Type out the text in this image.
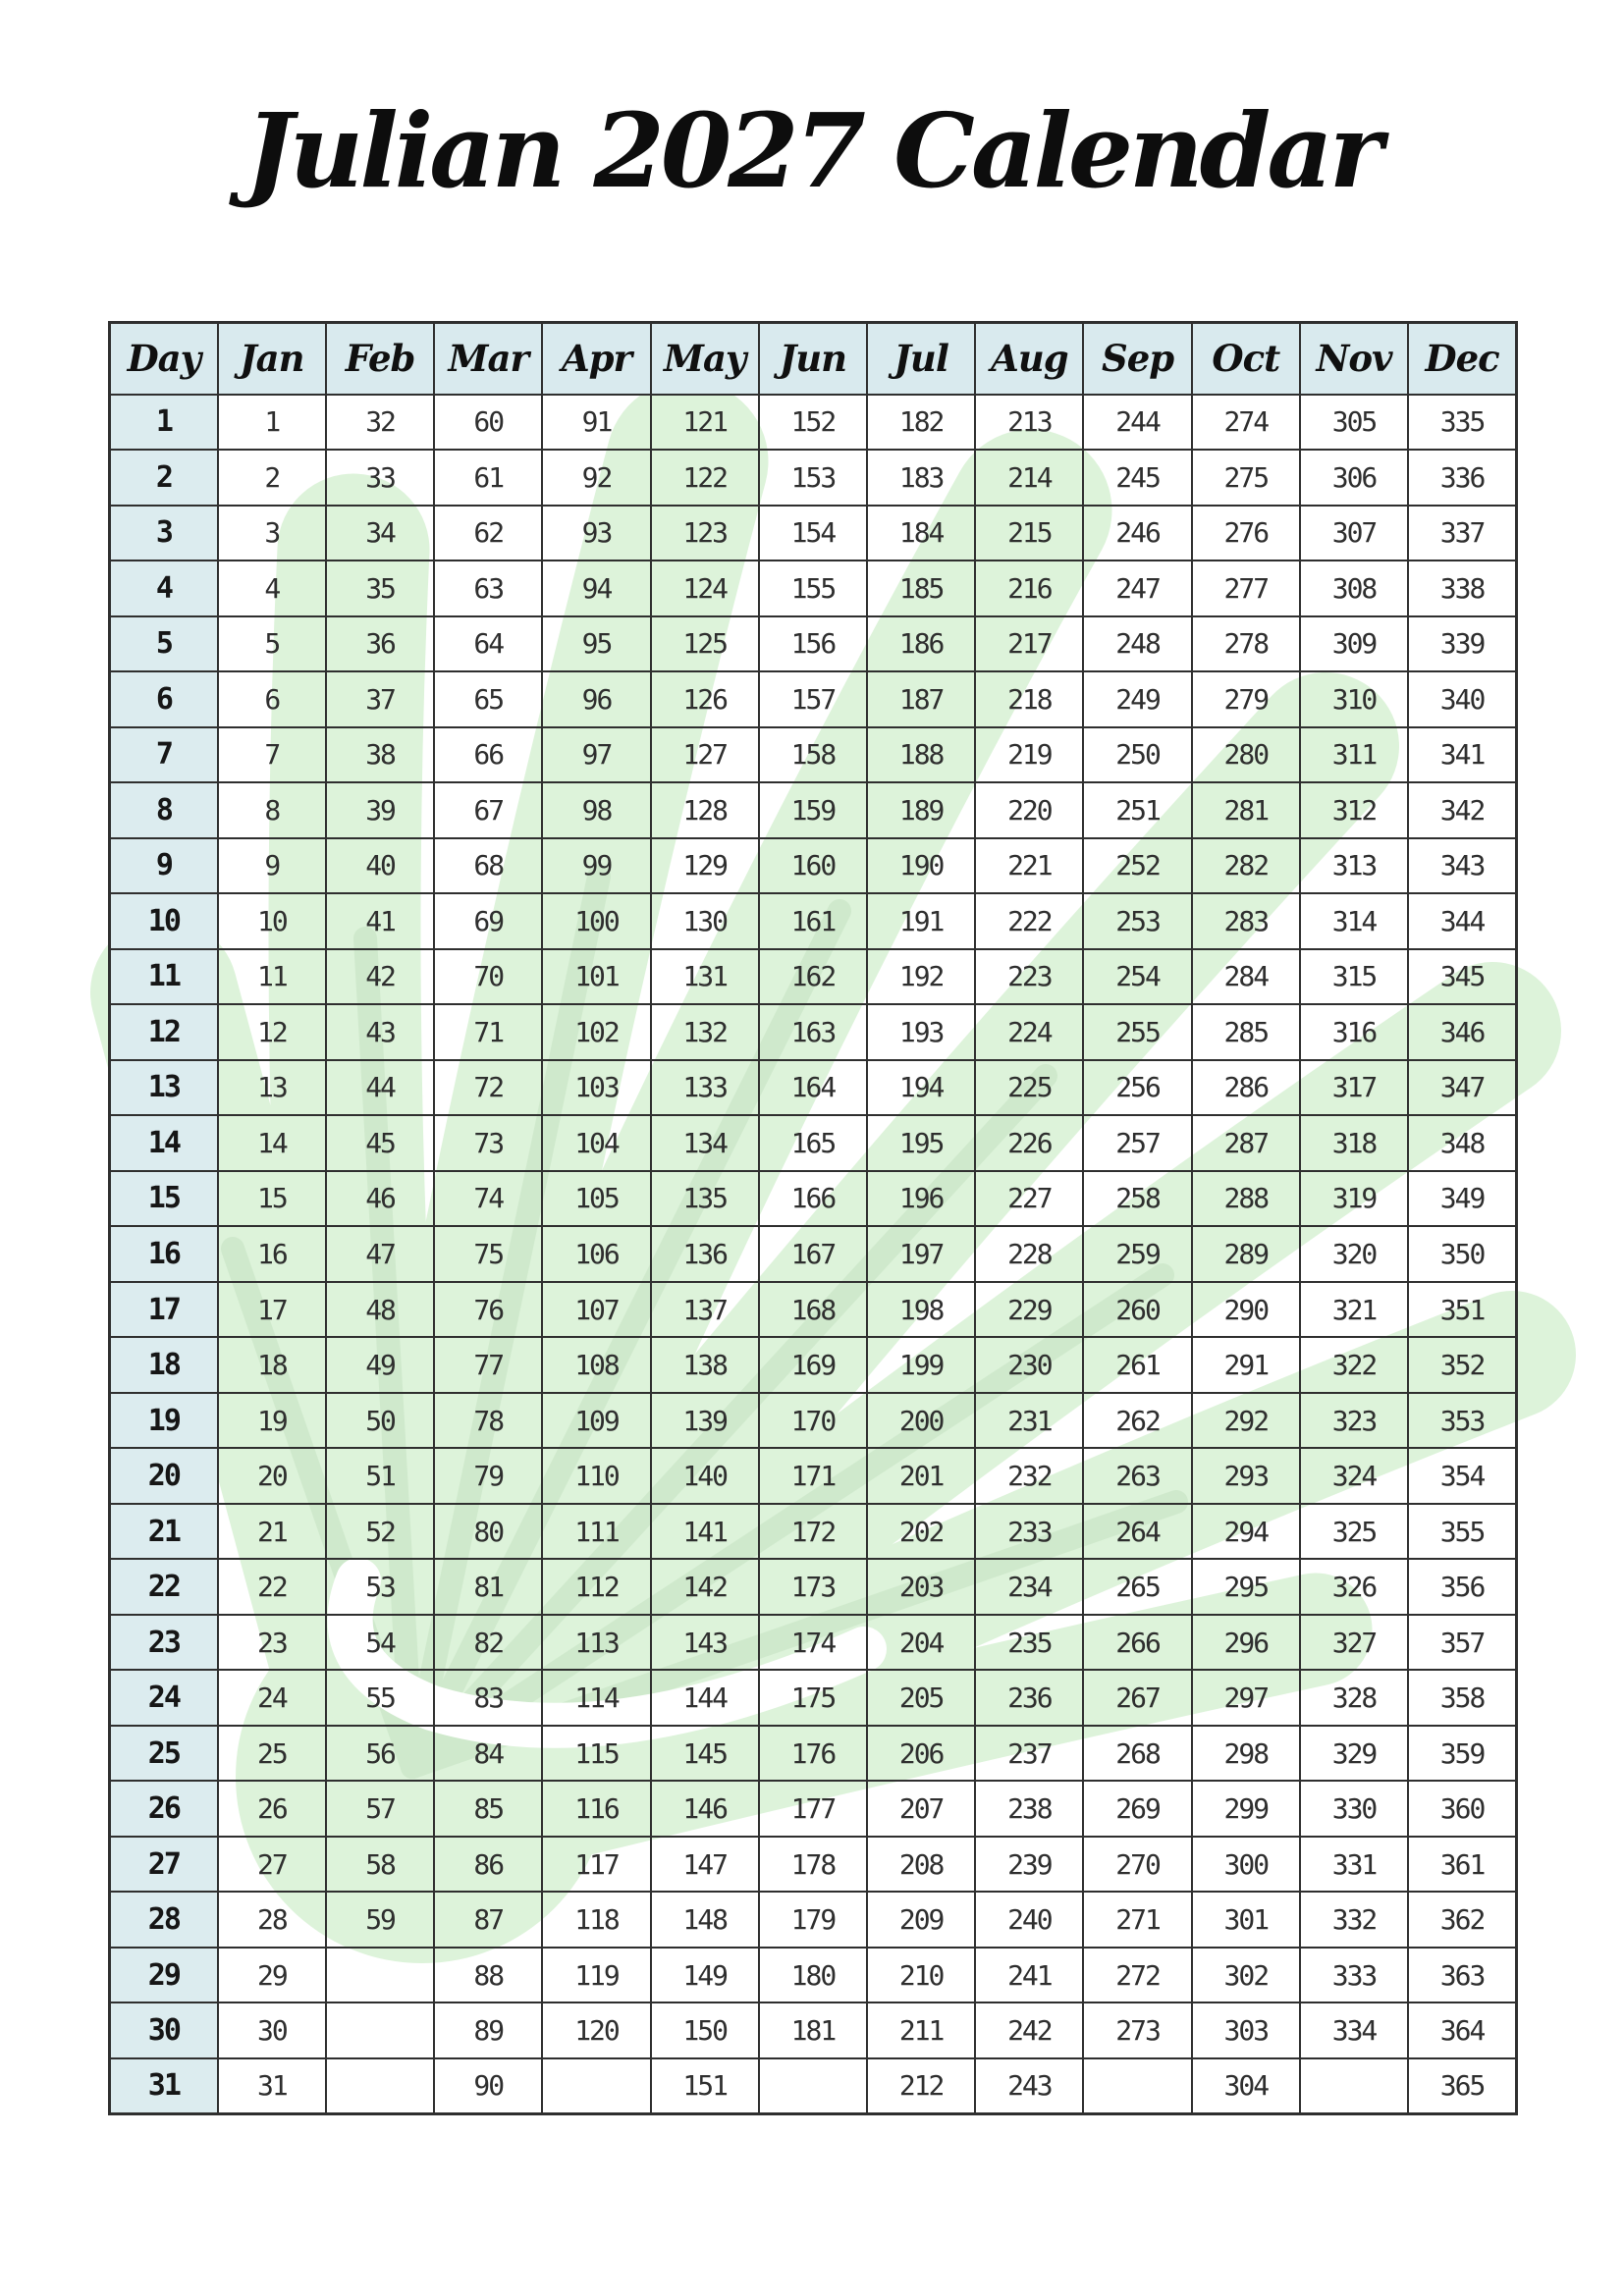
Julian 2027 Calendar
Day	Jan	Feb	Mar	Apr	May	Jun	Jul	Aug	Sep	Oct	Nov	Dec
1	1	32	60	91	121	152	182	213	244	274	305	335
2	2	33	61	92	122	153	183	214	245	275	306	336
3	3	34	62	93	123	154	184	215	246	276	307	337
4	4	35	63	94	124	155	185	216	247	277	308	338
5	5	36	64	95	125	156	186	217	248	278	309	339
6	6	37	65	96	126	157	187	218	249	279	310	340
7	7	38	66	97	127	158	188	219	250	280	311	341
8	8	39	67	98	128	159	189	220	251	281	312	342
9	9	40	68	99	129	160	190	221	252	282	313	343
10	10	41	69	100	130	161	191	222	253	283	314	344
11	11	42	70	101	131	162	192	223	254	284	315	345
12	12	43	71	102	132	163	193	224	255	285	316	346
13	13	44	72	103	133	164	194	225	256	286	317	347
14	14	45	73	104	134	165	195	226	257	287	318	348
15	15	46	74	105	135	166	196	227	258	288	319	349
16	16	47	75	106	136	167	197	228	259	289	320	350
17	17	48	76	107	137	168	198	229	260	290	321	351
18	18	49	77	108	138	169	199	230	261	291	322	352
19	19	50	78	109	139	170	200	231	262	292	323	353
20	20	51	79	110	140	171	201	232	263	293	324	354
21	21	52	80	111	141	172	202	233	264	294	325	355
22	22	53	81	112	142	173	203	234	265	295	326	356
23	23	54	82	113	143	174	204	235	266	296	327	357
24	24	55	83	114	144	175	205	236	267	297	328	358
25	25	56	84	115	145	176	206	237	268	298	329	359
26	26	57	85	116	146	177	207	238	269	299	330	360
27	27	58	86	117	147	178	208	239	270	300	331	361
28	28	59	87	118	148	179	209	240	271	301	332	362
29	29		88	119	149	180	210	241	272	302	333	363
30	30		89	120	150	181	211	242	273	303	334	364
31	31		90		151		212	243		304		365
